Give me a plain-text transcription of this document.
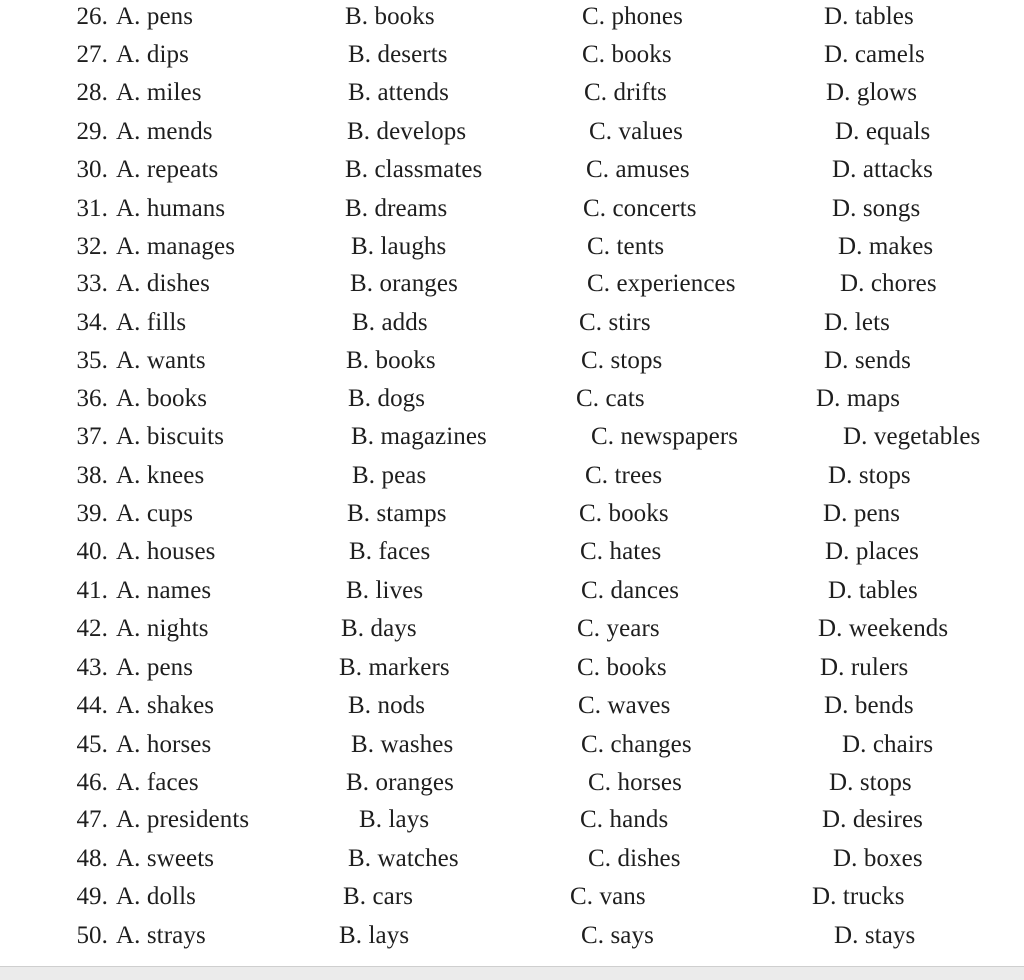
26. A. pens	B. books	C. phones	D. tables
27. A. dips	B. deserts	C. books	D. camels
28. A. miles	B. attends	C. drifts	D. glows
29. A. mends	B. develops	C. values	D. equals
30. A. repeats	B. classmates	C. amuses	D. attacks
31. A. humans	B. dreams	C. concerts	D. songs
32. A. manages	B. laughs	C. tents	D. makes
33. A. dishes	B. oranges	C. experiences	D. chores
34. A. fills	B. adds	C. stirs	D. lets
35. A. wants	B. books	C. stops	D. sends
36. A. books	B. dogs	C. cats	D. maps
37. A. biscuits	B. magazines	C. newspapers	D. vegetables
38. A. knees	B. peas	C. trees	D. stops
39. A. cups	B. stamps	C. books	D. pens
40. A. houses	B. faces	C. hates	D. places
41. A. names	B. lives	C. dances	D. tables
42. A. nights	B. days	C. years	D. weekends
43. A. pens	B. markers	C. books	D. rulers
44. A. shakes	B. nods	C. waves	D. bends
45. A. horses	B. washes	C. changes	D. chairs
46. A. faces	B. oranges	C. horses	D. stops
47. A. presidents	B. lays	C. hands	D. desires
48. A. sweets	B. watches	C. dishes	D. boxes
49. A. dolls	B. cars	C. vans	D. trucks
50. A. strays	B. lays	C. says	D. stays
